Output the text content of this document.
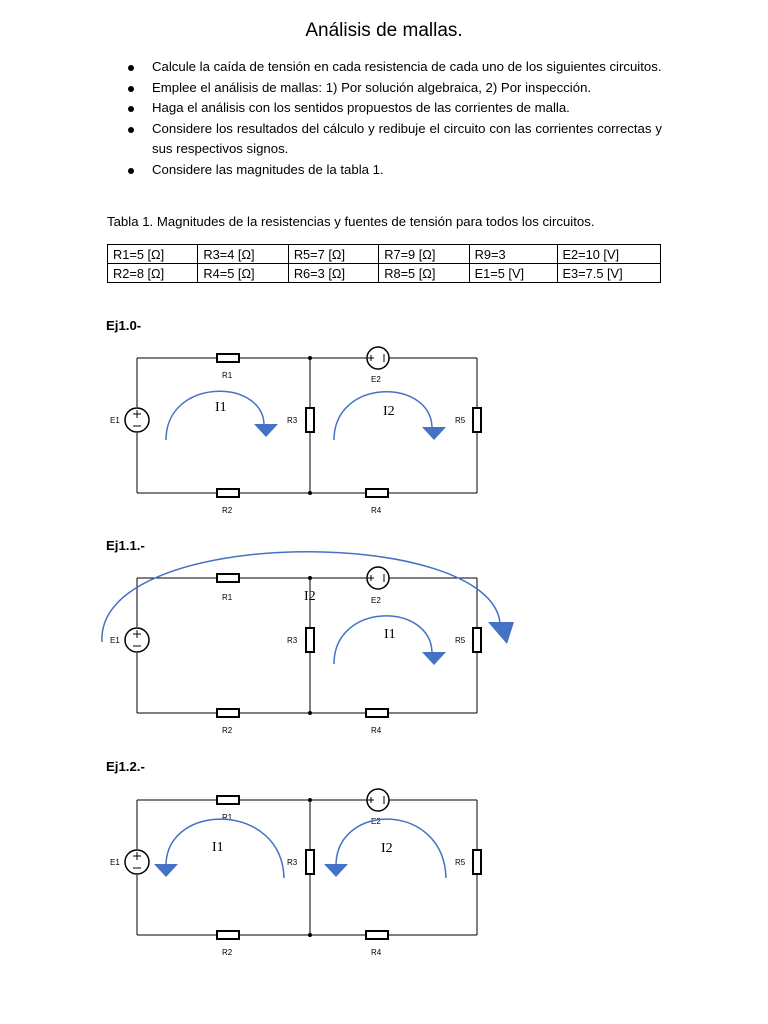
Análisis de mallas.
Calcule la caída de tensión en cada resistencia de cada uno de los siguientes circuitos.
Emplee el análisis de mallas: 1) Por solución algebraica, 2) Por inspección.
Haga el análisis con los sentidos propuestos de las corrientes de malla.
Considere los resultados del cálculo y redibuje el circuito con las corrientes correctas y sus respectivos signos.
Considere las magnitudes de la tabla 1.
Tabla 1. Magnitudes de la resistencias y fuentes de tensión para todos los circuitos.
R1=5 [Ω]	R3=4 [Ω]	R5=7 [Ω]	R7=9 [Ω]	R9=3	E2=10 [V]
R2=8 [Ω]	R4=5 [Ω]	R6=3 [Ω]	R8=5 [Ω]	E1=5 [V]	E3=7.5 [V]
Ej1.0-
R1
R2
R3
R4
R5
E1
E2
I1	I2
Ej1.1.-
R1
R2
R3
R4
R5
E1
E2
I2
I1
Ej1.2.-
R1
R2
R3
R4
R5
E1
E2
I1	I2
